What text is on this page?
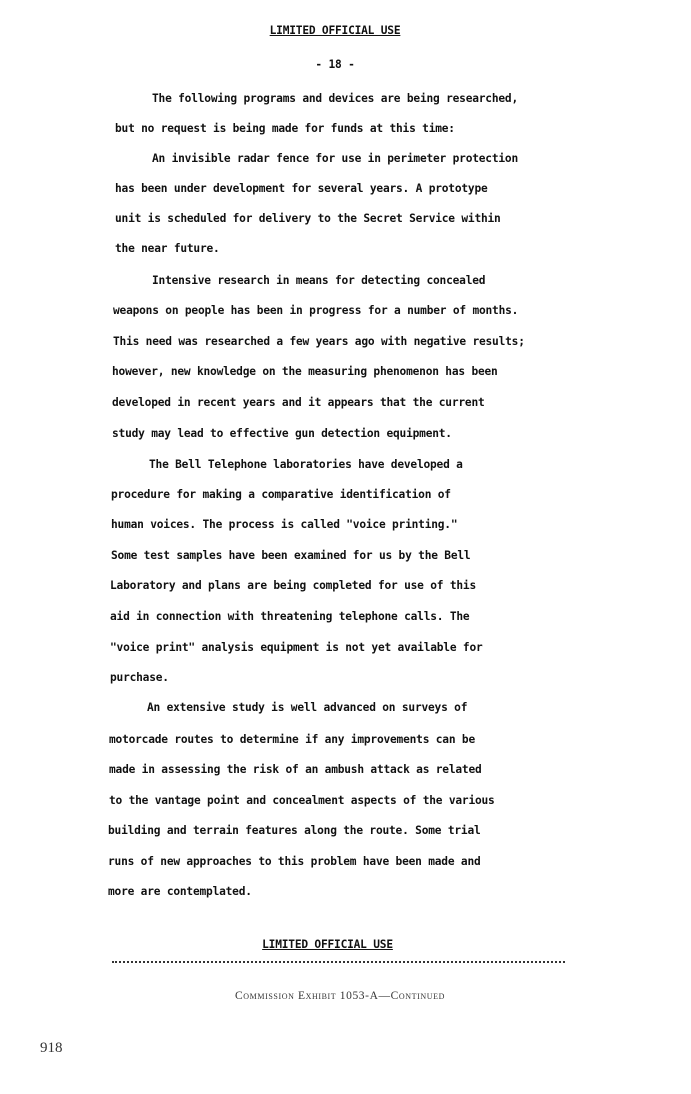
LIMITED OFFICIAL USE
- 18 -
The following programs and devices are being researched,
but no request is being made for funds at this time:
An invisible radar fence for use in perimeter protection
has been under development for several years. A prototype
unit is scheduled for delivery to the Secret Service within
the near future.
Intensive research in means for detecting concealed
weapons on people has been in progress for a number of months.
This need was researched a few years ago with negative results;
however, new knowledge on the measuring phenomenon has been
developed in recent years and it appears that the current
study may lead to effective gun detection equipment.
The Bell Telephone laboratories have developed a
procedure for making a comparative identification of
human voices. The process is called "voice printing."
Some test samples have been examined for us by the Bell
Laboratory and plans are being completed for use of this
aid in connection with threatening telephone calls. The
"voice print" analysis equipment is not yet available for
purchase.
An extensive study is well advanced on surveys of
motorcade routes to determine if any improvements can be
made in assessing the risk of an ambush attack as related
to the vantage point and concealment aspects of the various
building and terrain features along the route. Some trial
runs of new approaches to this problem have been made and
more are contemplated.
LIMITED OFFICIAL USE
Commission Exhibit 1053-A—Continued
918
